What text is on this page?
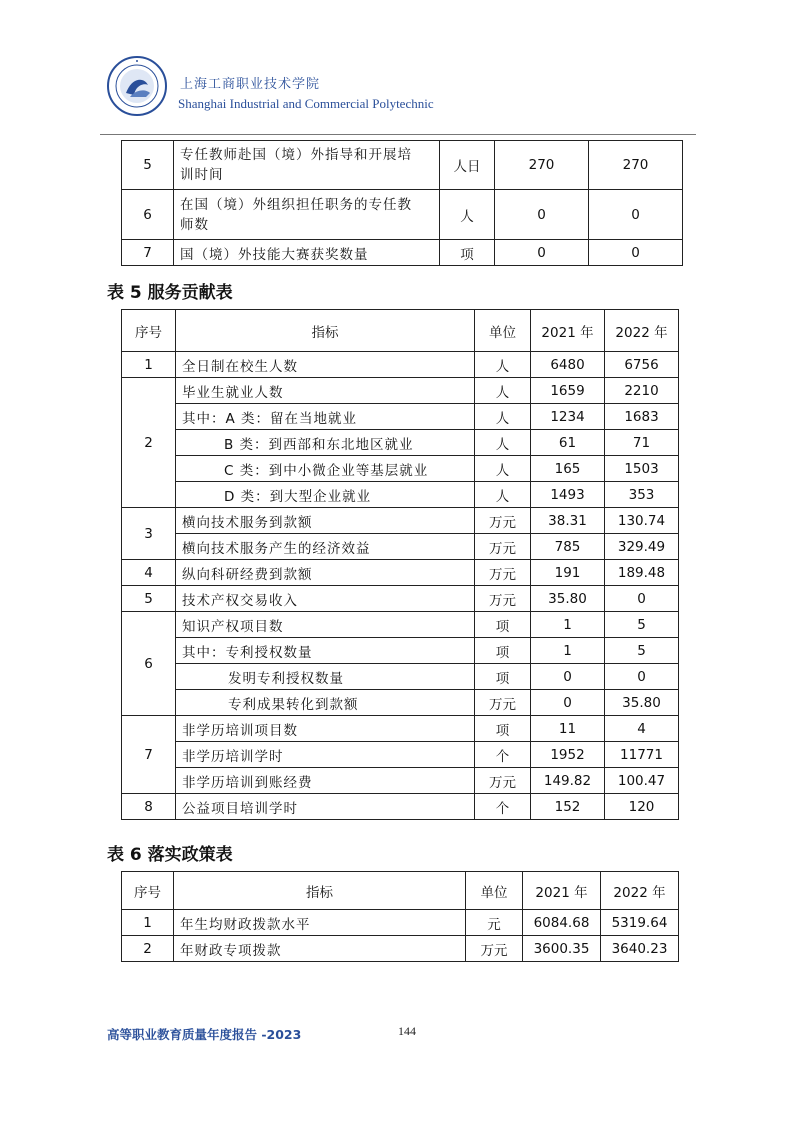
上海工商职业技术学院
Shanghai Industrial and Commercial Polytechnic
5	专任教师赴国（境）外指导和开展培
训时间	人日	270	270
6	在国（境）外组织担任职务的专任教
师数	人	0	0
7	国（境）外技能大赛获奖数量	项	0	0
表 5 服务贡献表
序号	指标	单位	2021 年	2022 年
1	全日制在校生人数	人	6480	6756
2	毕业生就业人数	人	1659	2210
	其中：A 类：留在当地就业	人	1234	1683
	B 类：到西部和东北地区就业	人	61	71
	C 类：到中小微企业等基层就业	人	165	1503
	D 类：到大型企业就业	人	1493	353
3	横向技术服务到款额	万元	38.31	130.74
	横向技术服务产生的经济效益	万元	785	329.49
4	纵向科研经费到款额	万元	191	189.48
5	技术产权交易收入	万元	35.80	0
6	知识产权项目数	项	1	5
	其中：专利授权数量	项	1	5
	发明专利授权数量	项	0	0
	专利成果转化到款额	万元	0	35.80
7	非学历培训项目数	项	11	4
	非学历培训学时	个	1952	11771
	非学历培训到账经费	万元	149.82	100.47
8	公益项目培训学时	个	152	120
表 6 落实政策表
序号	指标	单位	2021 年	2022 年
1	年生均财政拨款水平	元	6084.68	5319.64
2	年财政专项拨款	万元	3600.35	3640.23
高等职业教育质量年度报告 -2023	144
